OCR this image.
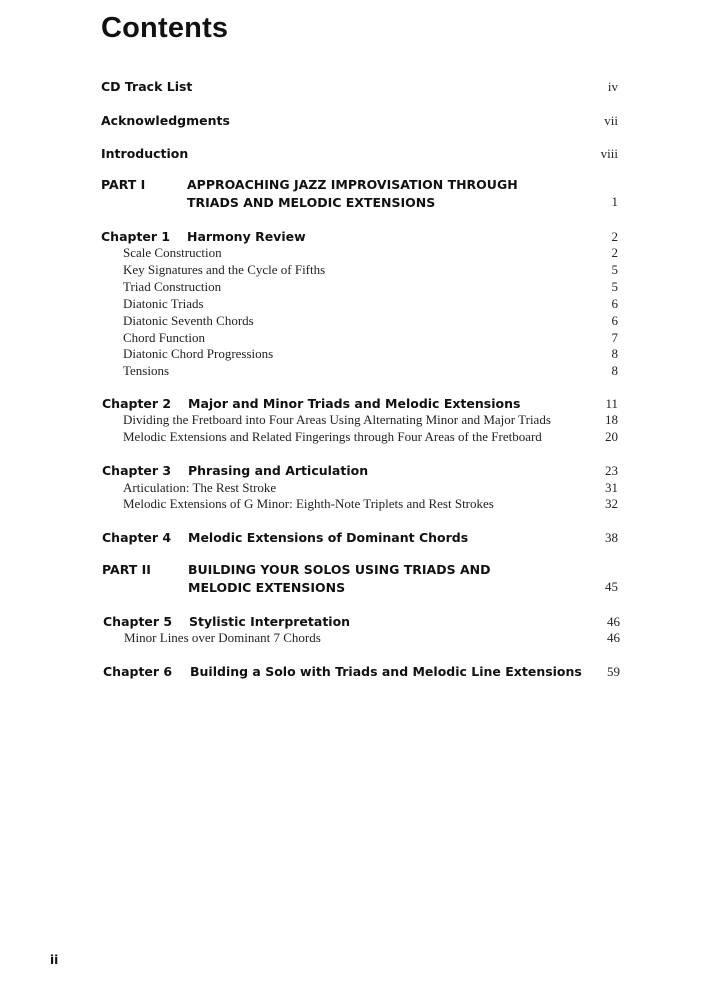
Contents
CD Track List	iv
Acknowledgments	vii
Introduction	viii
PART I	APPROACHING JAZZ IMPROVISATION THROUGH
TRIADS AND MELODIC EXTENSIONS	1
Chapter 1 Harmony Review	2
Scale Construction	2
Key Signatures and the Cycle of Fifths	5
Triad Construction	5
Diatonic Triads	6
Diatonic Seventh Chords	6
Chord Function	7
Diatonic Chord Progressions	8
Tensions	8
Chapter 2 Major and Minor Triads and Melodic Extensions	11
Dividing the Fretboard into Four Areas Using Alternating Minor and Major Triads	18
Melodic Extensions and Related Fingerings through Four Areas of the Fretboard	20
Chapter 3 Phrasing and Articulation	23
Articulation: The Rest Stroke	31
Melodic Extensions of G Minor: Eighth-Note Triplets and Rest Strokes	32
Chapter 4 Melodic Extensions of Dominant Chords	38
PART II	BUILDING YOUR SOLOS USING TRIADS AND
MELODIC EXTENSIONS	45
Chapter 5 Stylistic Interpretation	46
Minor Lines over Dominant 7 Chords	46
Chapter 6 Building a Solo with Triads and Melodic Line Extensions 59
ii
